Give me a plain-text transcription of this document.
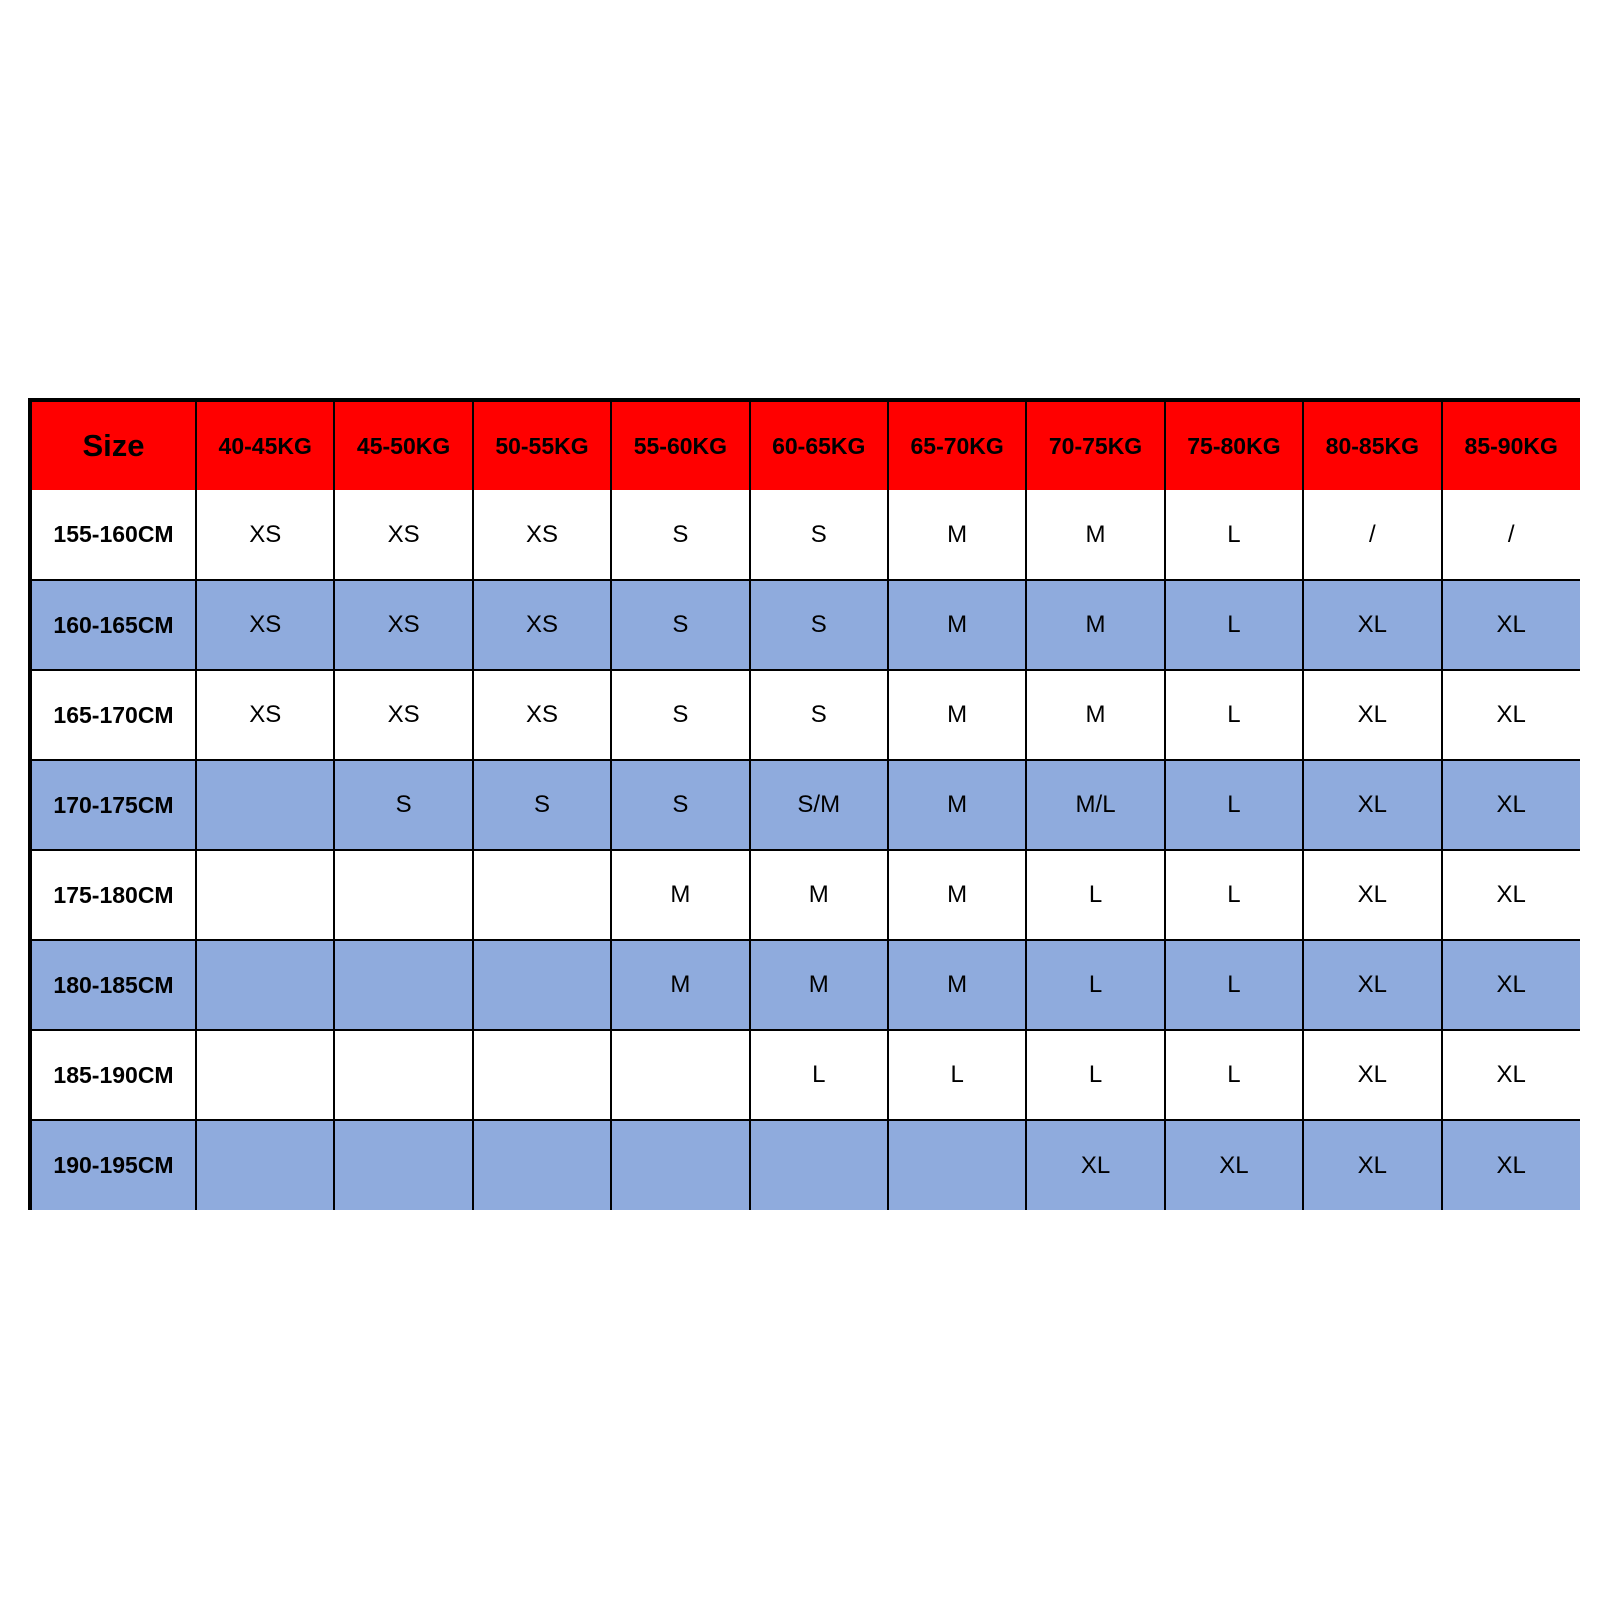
Size	40-45KG	45-50KG	50-55KG	55-60KG	60-65KG	65-70KG	70-75KG	75-80KG	80-85KG	85-90KG
155-160CM	XS	XS	XS	S	S	M	M	L	/	/
160-165CM	XS	XS	XS	S	S	M	M	L	XL	XL
165-170CM	XS	XS	XS	S	S	M	M	L	XL	XL
170-175CM		S	S	S	S/M	M	M/L	L	XL	XL
175-180CM				M	M	M	L	L	XL	XL
180-185CM				M	M	M	L	L	XL	XL
185-190CM					L	L	L	L	XL	XL
190-195CM							XL	XL	XL	XL
